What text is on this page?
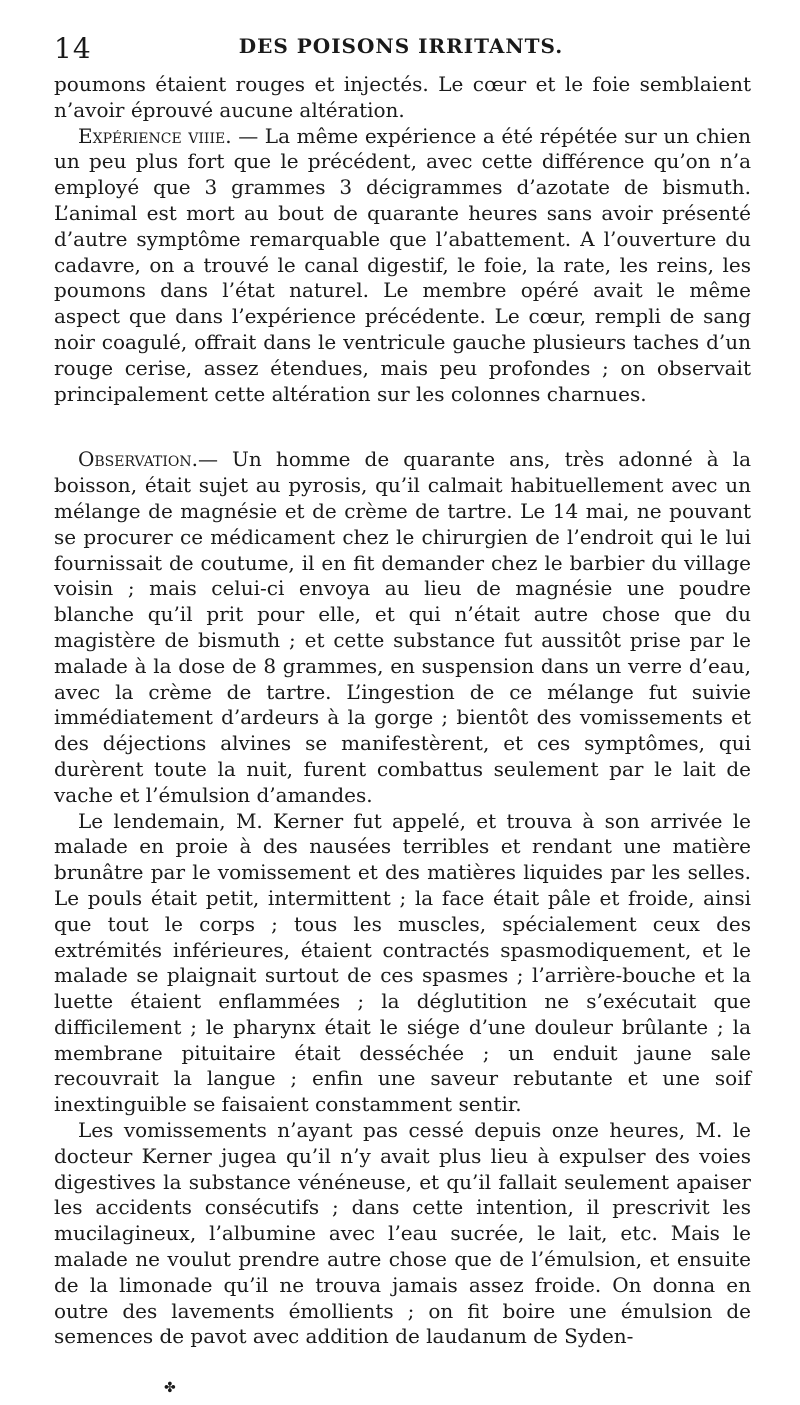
14	DES POISONS IRRITANTS.

poumons étaient rouges et injectés. Le cœur et le foie semblaient n’avoir éprouvé aucune altération.

Expérience viiie. — La même expérience a été répétée sur un chien un peu plus fort que le précédent, avec cette différence qu’on n’a employé que 3 grammes 3 décigrammes d’azotate de bismuth. L’animal est mort au bout de quarante heures sans avoir présenté d’autre symptôme remarquable que l’abattement. A l’ouverture du cadavre, on a trouvé le canal digestif, le foie, la rate, les reins, les poumons dans l’état naturel. Le membre opéré avait le même aspect que dans l’expérience précédente. Le cœur, rempli de sang noir coagulé, offrait dans le ventricule gauche plusieurs taches d’un rouge cerise, assez étendues, mais peu profondes ; on observait principalement cette altération sur les colonnes charnues.

Observation.— Un homme de quarante ans, très adonné à la boisson, était sujet au pyrosis, qu’il calmait habituellement avec un mélange de magnésie et de crème de tartre. Le 14 mai, ne pouvant se procurer ce médicament chez le chirurgien de l’endroit qui le lui fournissait de coutume, il en fit demander chez le barbier du village voisin ; mais celui-ci envoya au lieu de magnésie une poudre blanche qu’il prit pour elle, et qui n’était autre chose que du magistère de bismuth ; et cette substance fut aussitôt prise par le malade à la dose de 8 grammes, en suspension dans un verre d’eau, avec la crème de tartre. L’ingestion de ce mélange fut suivie immédiatement d’ardeurs à la gorge ; bientôt des vomissements et des déjections alvines se manifestèrent, et ces symptômes, qui durèrent toute la nuit, furent combattus seulement par le lait de vache et l’émulsion d’amandes.

Le lendemain, M. Kerner fut appelé, et trouva à son arrivée le malade en proie à des nausées terribles et rendant une matière brunâtre par le vomissement et des matières liquides par les selles. Le pouls était petit, intermittent ; la face était pâle et froide, ainsi que tout le corps ; tous les muscles, spécialement ceux des extrémités inférieures, étaient contractés spasmodiquement, et le malade se plaignait surtout de ces spasmes ; l’arrière-bouche et la luette étaient enflammées ; la déglutition ne s’exécutait que difficilement ; le pharynx était le siége d’une douleur brûlante ; la membrane pituitaire était desséchée ; un enduit jaune sale recouvrait la langue ; enfin une saveur rebutante et une soif inextinguible se faisaient constamment sentir.

Les vomissements n’ayant pas cessé depuis onze heures, M. le docteur Kerner jugea qu’il n’y avait plus lieu à expulser des voies digestives la substance vénéneuse, et qu’il fallait seulement apaiser les accidents consécutifs ; dans cette intention, il prescrivit les mucilagineux, l’albumine avec l’eau sucrée, le lait, etc. Mais le malade ne voulut prendre autre chose que de l’émulsion, et ensuite de la limonade qu’il ne trouva jamais assez froide. On donna en outre des lavements émollients ; on fit boire une émulsion de semences de pavot avec addition de laudanum de Syden-

✤
